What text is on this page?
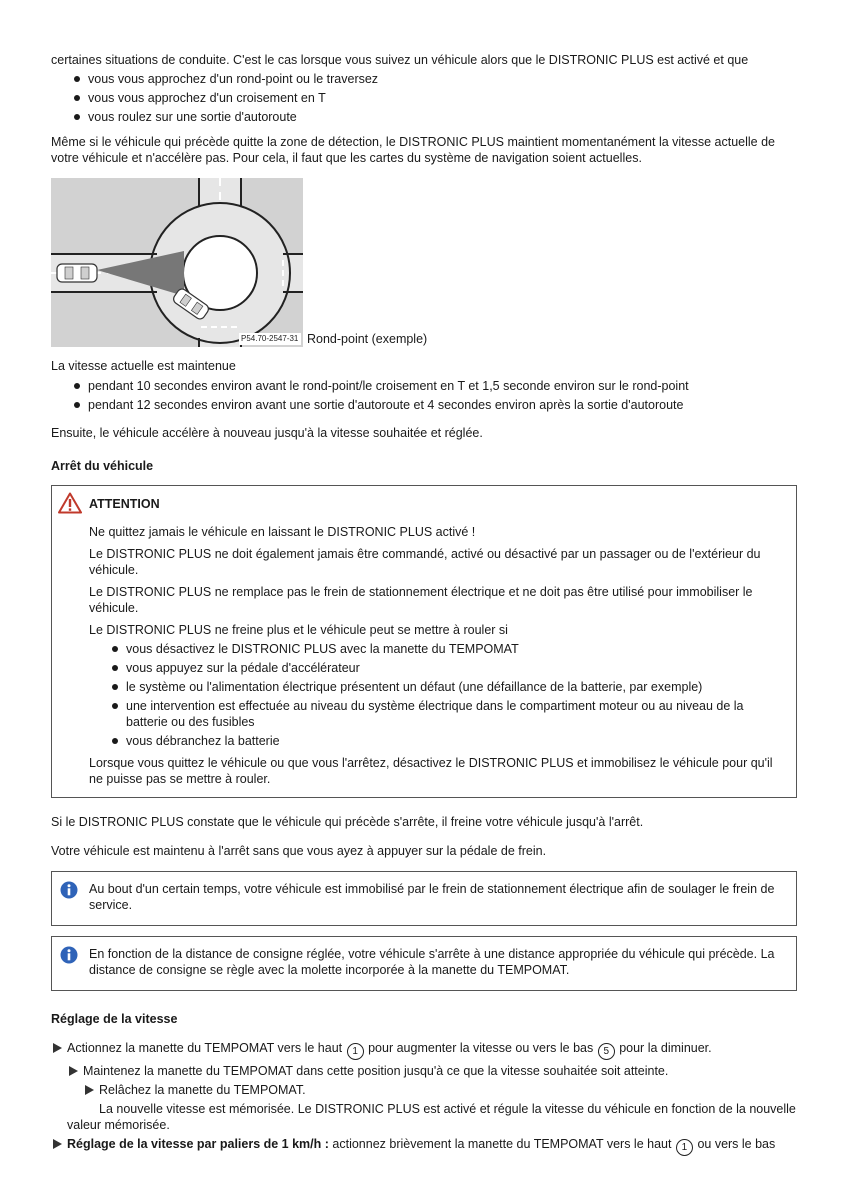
certaines situations de conduite. C'est le cas lorsque vous suivez un véhicule alors que le DISTRONIC PLUS est activé et que

vous vous approchez d'un rond-point ou le traversez
vous vous approchez d'un croisement en T
vous roulez sur une sortie d'autoroute

Même si le véhicule qui précède quitte la zone de détection, le DISTRONIC PLUS maintient momentanément la vitesse actuelle de votre véhicule et n'accélère pas. Pour cela, il faut que les cartes du système de navigation soient actuelles.

P54.70-2547-31 Rond-point (exemple)

La vitesse actuelle est maintenue

pendant 10 secondes environ avant le rond-point/le croisement en T et 1,5 seconde environ sur le rond-point
pendant 12 secondes environ avant une sortie d'autoroute et 4 secondes environ après la sortie d'autoroute

Ensuite, le véhicule accélère à nouveau jusqu'à la vitesse souhaitée et réglée.

Arrêt du véhicule

ATTENTION

Ne quittez jamais le véhicule en laissant le DISTRONIC PLUS activé !

Le DISTRONIC PLUS ne doit également jamais être commandé, activé ou désactivé par un passager ou de l'extérieur du véhicule.

Le DISTRONIC PLUS ne remplace pas le frein de stationnement électrique et ne doit pas être utilisé pour immobiliser le véhicule.

Le DISTRONIC PLUS ne freine plus et le véhicule peut se mettre à rouler si

vous désactivez le DISTRONIC PLUS avec la manette du TEMPOMAT
vous appuyez sur la pédale d'accélérateur
le système ou l'alimentation électrique présentent un défaut (une défaillance de la batterie, par exemple)
une intervention est effectuée au niveau du système électrique dans le compartiment moteur ou au niveau de la batterie ou des fusibles
vous débranchez la batterie

Lorsque vous quittez le véhicule ou que vous l'arrêtez, désactivez le DISTRONIC PLUS et immobilisez le véhicule pour qu'il ne puisse pas se mettre à rouler.

Si le DISTRONIC PLUS constate que le véhicule qui précède s'arrête, il freine votre véhicule jusqu'à l'arrêt.

Votre véhicule est maintenu à l'arrêt sans que vous ayez à appuyer sur la pédale de frein.

Au bout d'un certain temps, votre véhicule est immobilisé par le frein de stationnement électrique afin de soulager le frein de service.

En fonction de la distance de consigne réglée, votre véhicule s'arrête à une distance appropriée du véhicule qui précède. La distance de consigne se règle avec la molette incorporée à la manette du TEMPOMAT.

Réglage de la vitesse

Actionnez la manette du TEMPOMAT vers le haut 1 pour augmenter la vitesse ou vers le bas 5 pour la diminuer.
Maintenez la manette du TEMPOMAT dans cette position jusqu'à ce que la vitesse souhaitée soit atteinte.
Relâchez la manette du TEMPOMAT.
La nouvelle vitesse est mémorisée. Le DISTRONIC PLUS est activé et régule la vitesse du véhicule en fonction de la nouvelle valeur mémorisée.
Réglage de la vitesse par paliers de 1 km/h : actionnez brièvement la manette du TEMPOMAT vers le haut 1 ou vers le bas
